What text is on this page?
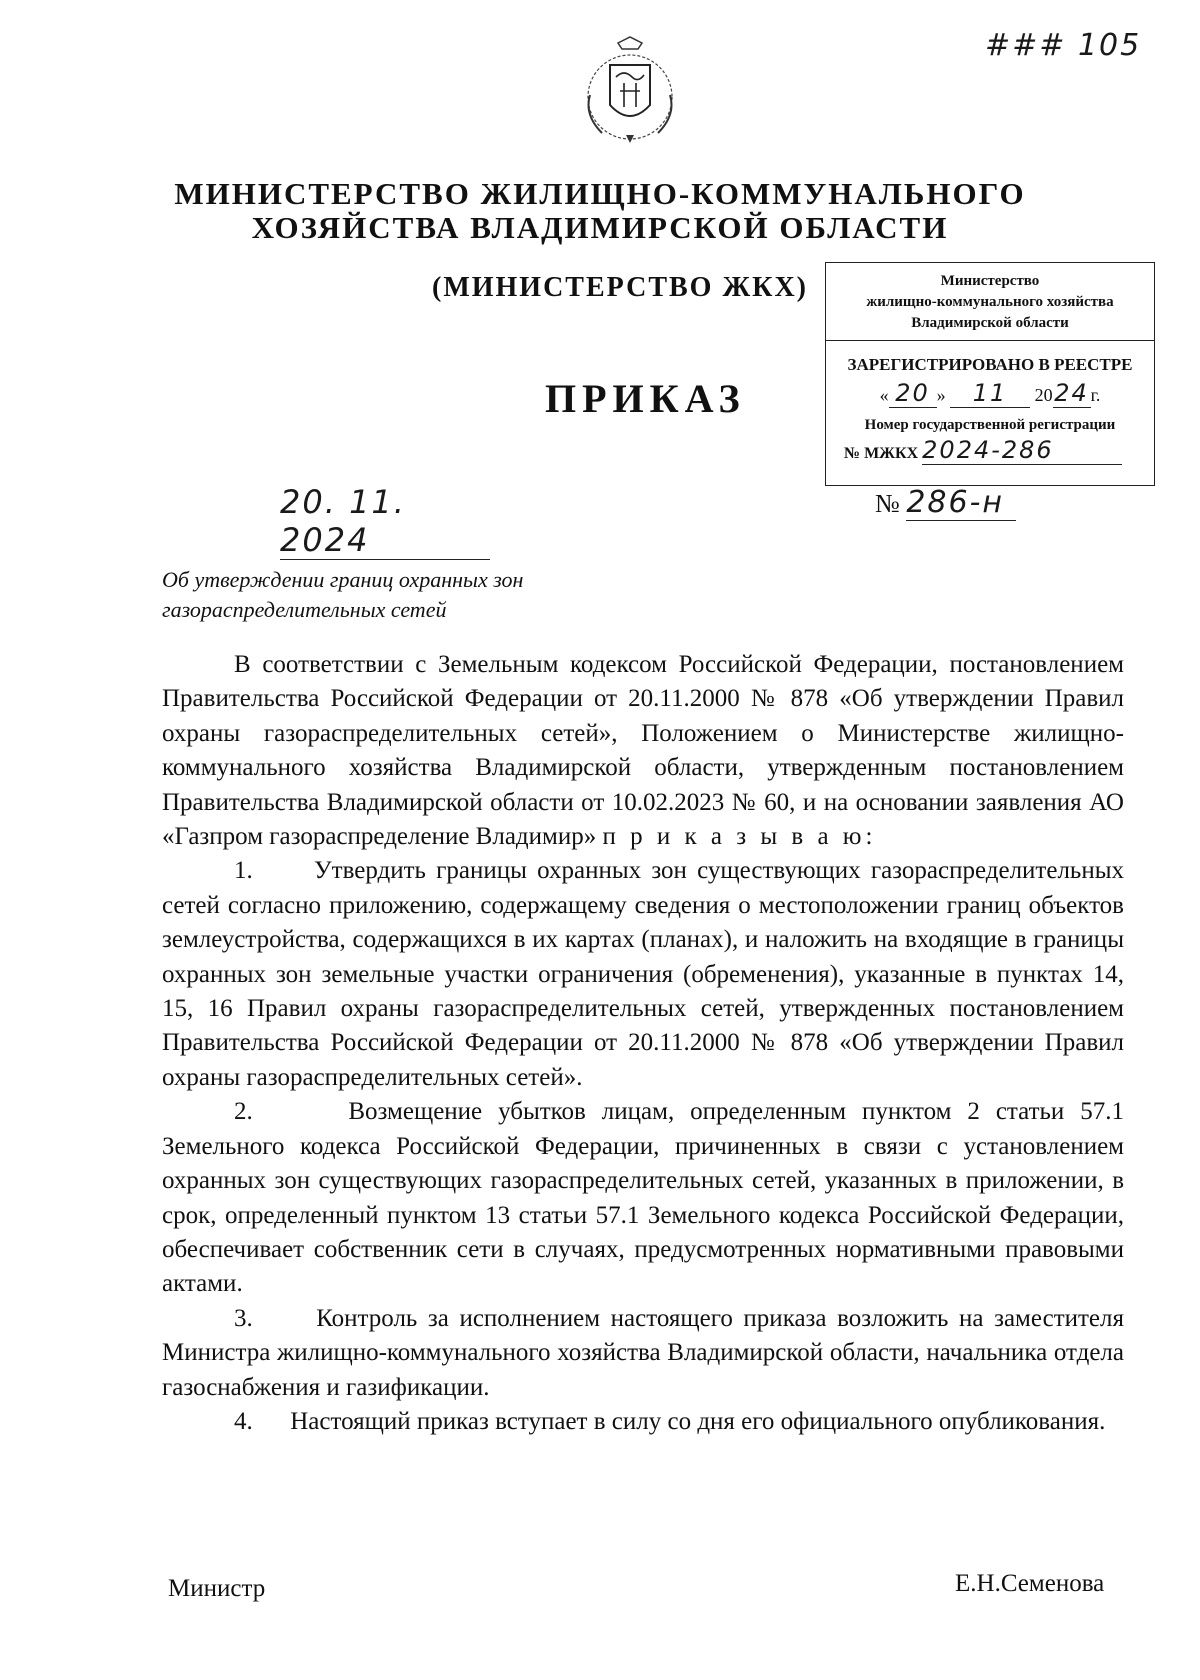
### 105
МИНИСТЕРСТВО ЖИЛИЩНО-КОММУНАЛЬНОГО
ХОЗЯЙСТВА ВЛАДИМИРСКОЙ ОБЛАСТИ
(МИНИСТЕРСТВО ЖКХ)
ПРИКАЗ
Министерство
жилищно-коммунального хозяйства
Владимирской области
ЗАРЕГИСТРИРОВАНО В РЕЕСТРЕ
« 20 » 11 2024г.
Номер государственной регистрации
№ МЖКХ 2024-286
20. 11. 2024
№ 286-н
Об утверждении границ охранных зон
газораспределительных сетей

В соответствии с Земельным кодексом Российской Федерации, постановлением Правительства Российской Федерации от 20.11.2000 № 878 «Об утверждении Правил охраны газораспределительных сетей», Положением о Министерстве жилищно-коммунального хозяйства Владимирской области, утвержденным постановлением Правительства Владимирской области от 10.02.2023 № 60, и на основании заявления АО «Газпром газораспределение Владимир» п р и к а з ы в а ю:

1. Утвердить границы охранных зон существующих газораспределительных сетей согласно приложению, содержащему сведения о местоположении границ объектов землеустройства, содержащихся в их картах (планах), и наложить на входящие в границы охранных зон земельные участки ограничения (обременения), указанные в пунктах 14, 15, 16 Правил охраны газораспределительных сетей, утвержденных постановлением Правительства Российской Федерации от 20.11.2000 № 878 «Об утверждении Правил охраны газораспределительных сетей».

2.	Возмещение убытков лицам, определенным пунктом 2 статьи 57.1 Земельного кодекса Российской Федерации, причиненных в связи с установлением охранных зон существующих газораспределительных сетей, указанных в приложении, в срок, определенный пунктом 13 статьи 57.1 Земельного кодекса Российской Федерации, обеспечивает собственник сети в случаях, предусмотренных нормативными правовыми актами.

3.	Контроль за исполнением настоящего приказа возложить на заместителя Министра жилищно-коммунального хозяйства Владимирской области, начальника отдела газоснабжения и газификации.

4. Настоящий приказ вступает в силу со дня его официального опубликования.

Министр	Е.Н.Семенова
